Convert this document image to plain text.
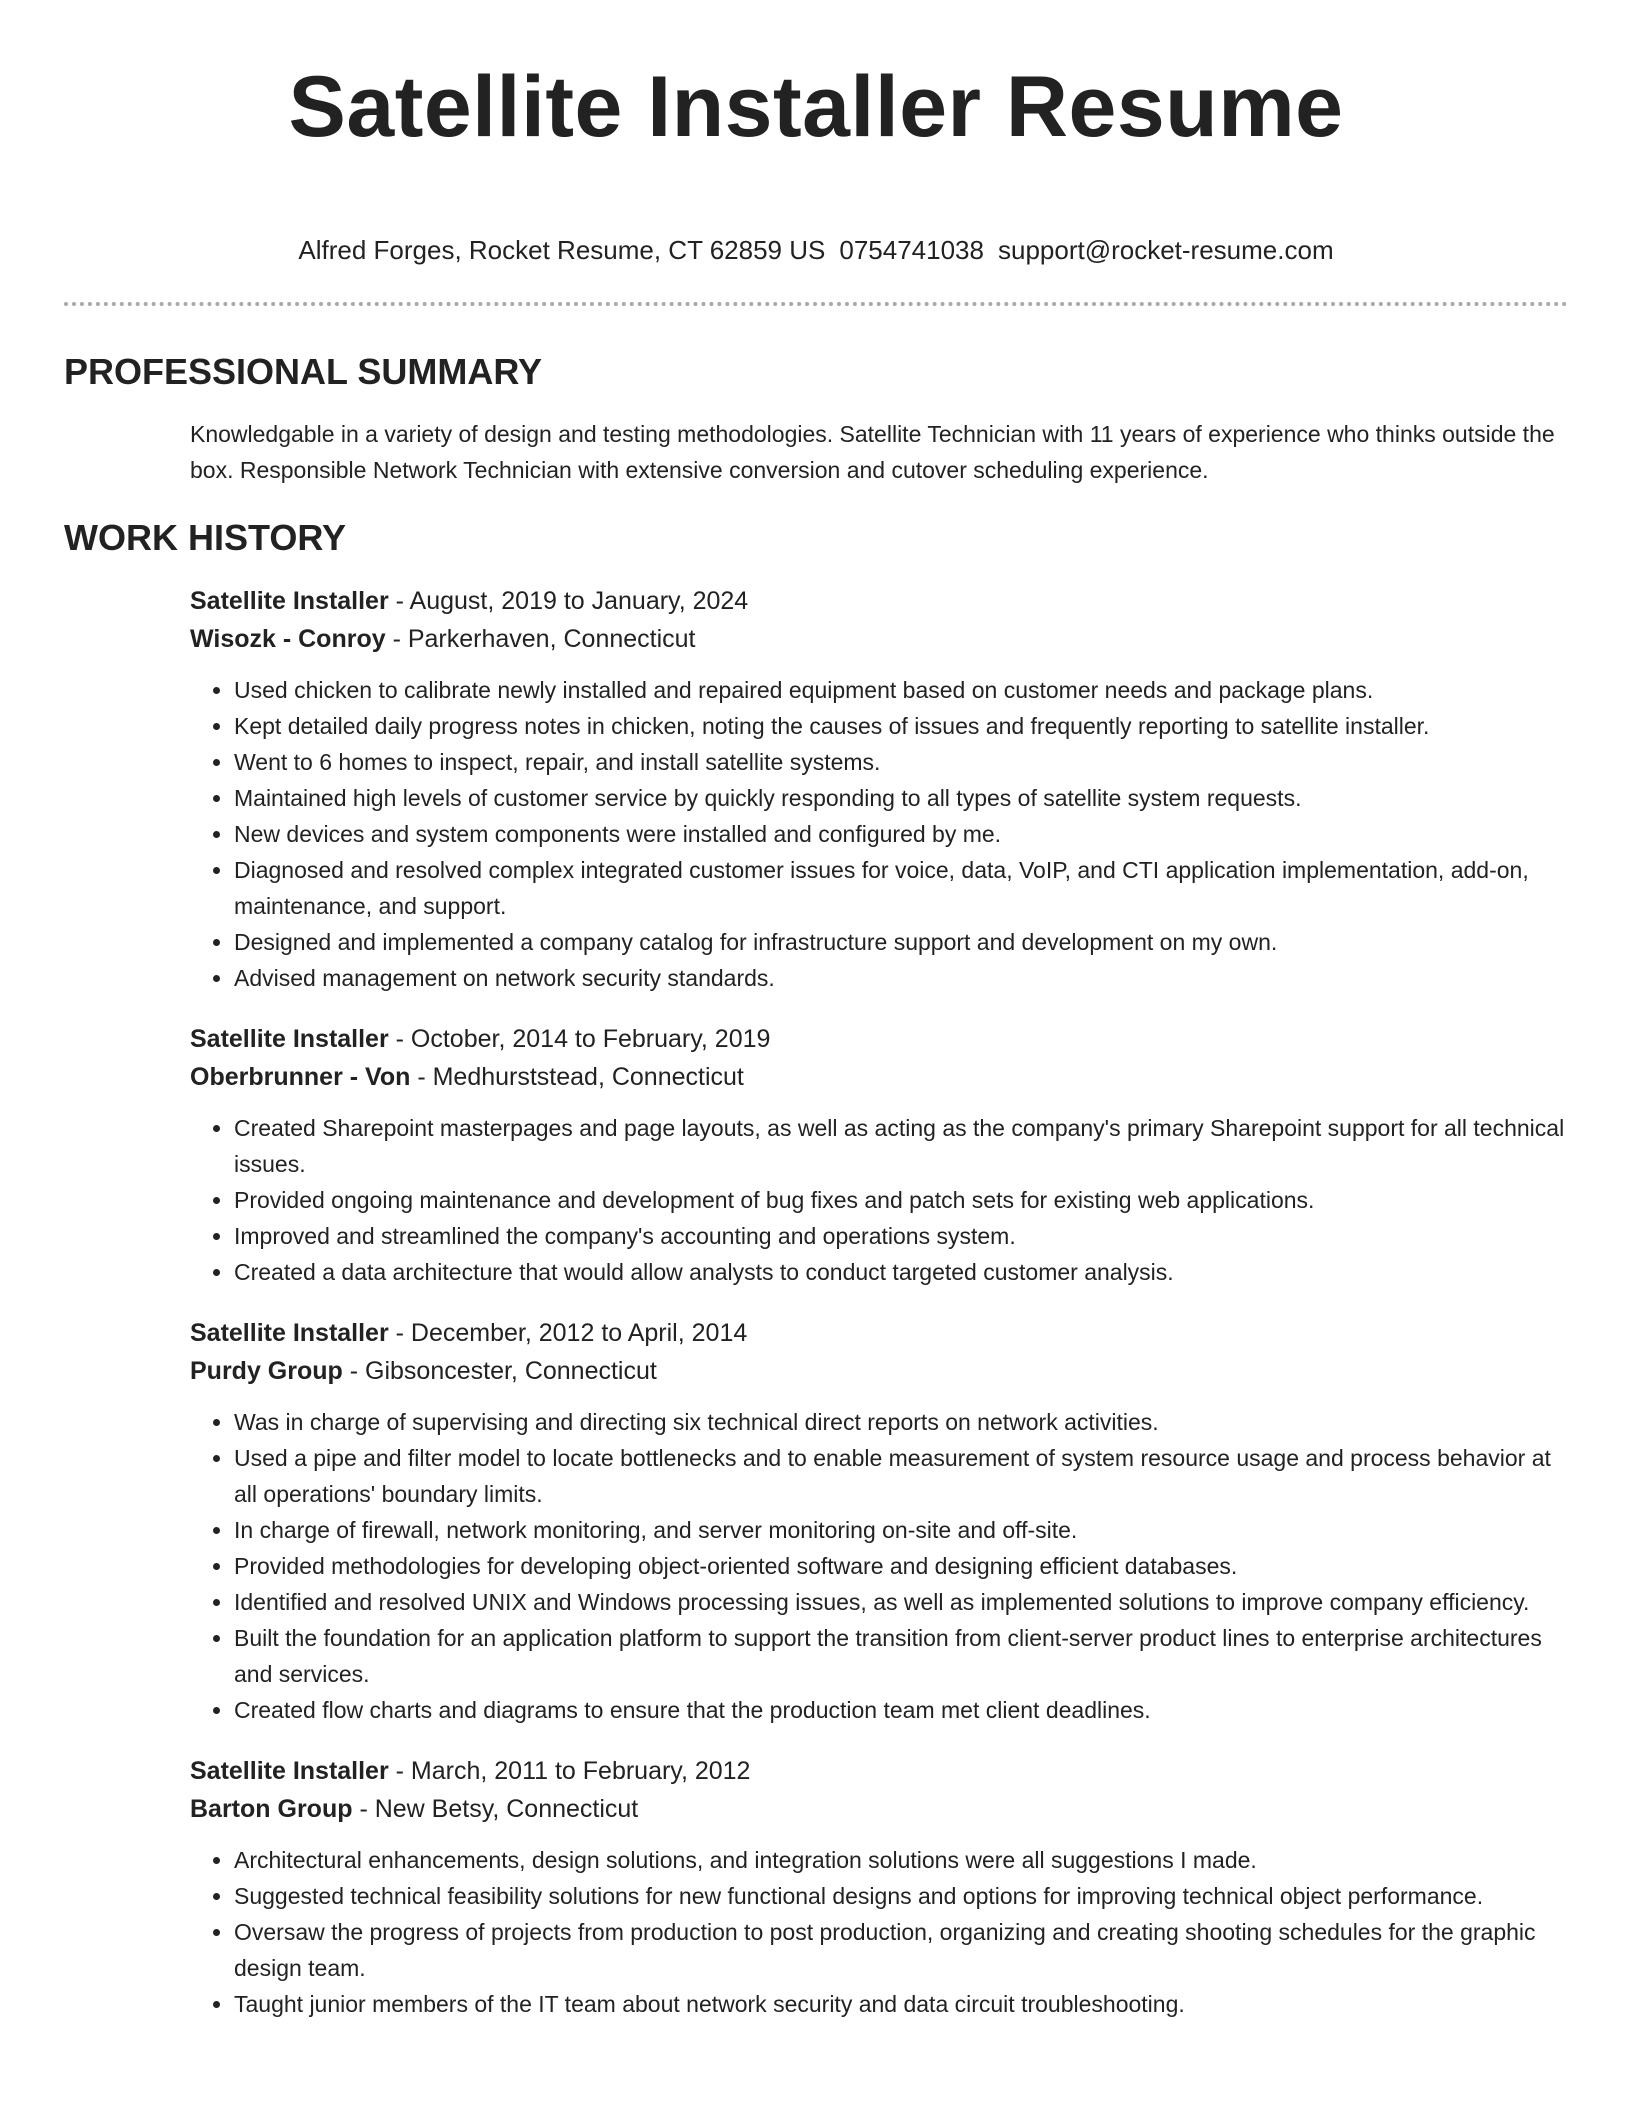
Satellite Installer Resume
Alfred Forges, Rocket Resume, CT 62859 US 0754741038 support@rocket-resume.com
PROFESSIONAL SUMMARY

Knowledgable in a variety of design and testing methodologies. Satellite Technician with 11 years of experience who thinks outside the box. Responsible Network Technician with extensive conversion and cutover scheduling experience.

WORK HISTORY
Satellite Installer - August, 2019 to January, 2024
Wisozk - Conroy - Parkerhaven, Connecticut
• Used chicken to calibrate newly installed and repaired equipment based on customer needs and package plans.
• Kept detailed daily progress notes in chicken, noting the causes of issues and frequently reporting to satellite installer.
• Went to 6 homes to inspect, repair, and install satellite systems.
• Maintained high levels of customer service by quickly responding to all types of satellite system requests.
• New devices and system components were installed and configured by me.
• Diagnosed and resolved complex integrated customer issues for voice, data, VoIP, and CTI application implementation, add-on, maintenance, and support.
• Designed and implemented a company catalog for infrastructure support and development on my own.
• Advised management on network security standards.
Satellite Installer - October, 2014 to February, 2019
Oberbrunner - Von - Medhurststead, Connecticut
• Created Sharepoint masterpages and page layouts, as well as acting as the company's primary Sharepoint support for all technical issues.
• Provided ongoing maintenance and development of bug fixes and patch sets for existing web applications.
• Improved and streamlined the company's accounting and operations system.
• Created a data architecture that would allow analysts to conduct targeted customer analysis.
Satellite Installer - December, 2012 to April, 2014
Purdy Group - Gibsoncester, Connecticut
• Was in charge of supervising and directing six technical direct reports on network activities.
• Used a pipe and filter model to locate bottlenecks and to enable measurement of system resource usage and process behavior at all operations' boundary limits.
• In charge of firewall, network monitoring, and server monitoring on-site and off-site.
• Provided methodologies for developing object-oriented software and designing efficient databases.
• Identified and resolved UNIX and Windows processing issues, as well as implemented solutions to improve company efficiency.
• Built the foundation for an application platform to support the transition from client-server product lines to enterprise architectures and services.
• Created flow charts and diagrams to ensure that the production team met client deadlines.
Satellite Installer - March, 2011 to February, 2012
Barton Group - New Betsy, Connecticut
• Architectural enhancements, design solutions, and integration solutions were all suggestions I made.
• Suggested technical feasibility solutions for new functional designs and options for improving technical object performance.
• Oversaw the progress of projects from production to post production, organizing and creating shooting schedules for the graphic design team.
• Taught junior members of the IT team about network security and data circuit troubleshooting.
